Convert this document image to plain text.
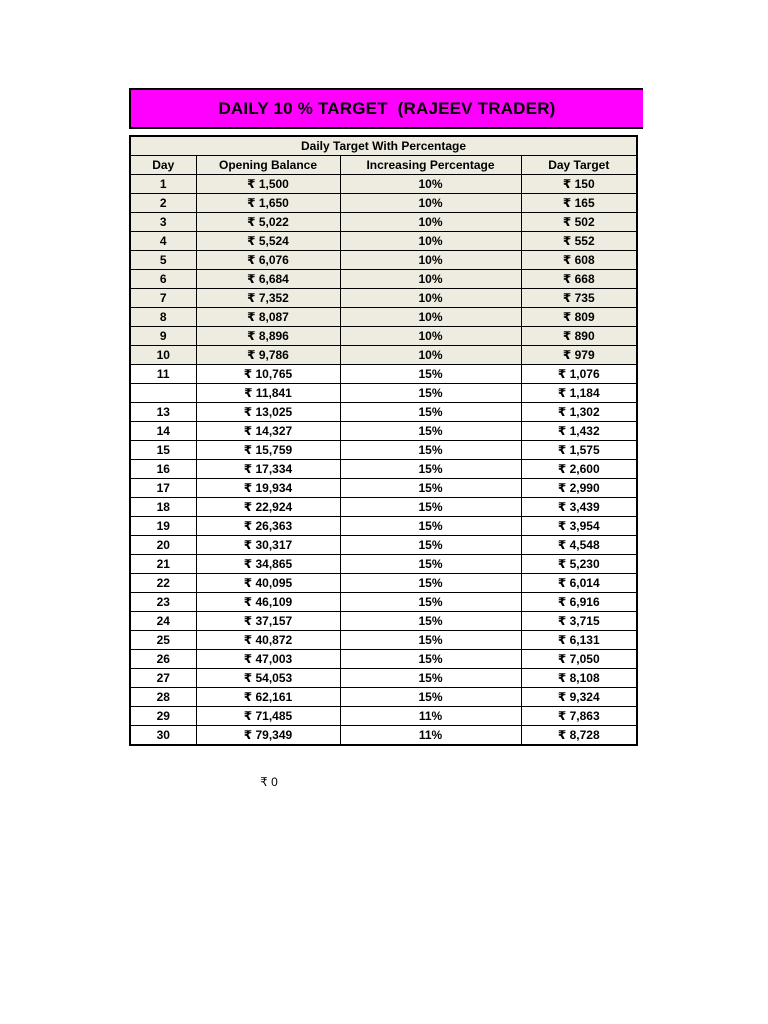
DAILY 10 % TARGET  (RAJEEV TRADER)
Daily Target With Percentage			
Day	Opening Balance	Increasing Percentage	Day Target
1	₹ 1,500	10%	₹ 150
2	₹ 1,650	10%	₹ 165
3	₹ 5,022	10%	₹ 502
4	₹ 5,524	10%	₹ 552
5	₹ 6,076	10%	₹ 608
6	₹ 6,684	10%	₹ 668
7	₹ 7,352	10%	₹ 735
8	₹ 8,087	10%	₹ 809
9	₹ 8,896	10%	₹ 890
10	₹ 9,786	10%	₹ 979
11	₹ 10,765	15%	₹ 1,076
	₹ 11,841	15%	₹ 1,184
13	₹ 13,025	15%	₹ 1,302
14	₹ 14,327	15%	₹ 1,432
15	₹ 15,759	15%	₹ 1,575
16	₹ 17,334	15%	₹ 2,600
17	₹ 19,934	15%	₹ 2,990
18	₹ 22,924	15%	₹ 3,439
19	₹ 26,363	15%	₹ 3,954
20	₹ 30,317	15%	₹ 4,548
21	₹ 34,865	15%	₹ 5,230
22	₹ 40,095	15%	₹ 6,014
23	₹ 46,109	15%	₹ 6,916
24	₹ 37,157	15%	₹ 3,715
25	₹ 40,872	15%	₹ 6,131
26	₹ 47,003	15%	₹ 7,050
27	₹ 54,053	15%	₹ 8,108
28	₹ 62,161	15%	₹ 9,324
29	₹ 71,485	11%	₹ 7,863
30	₹ 79,349	11%	₹ 8,728
₹ 0
